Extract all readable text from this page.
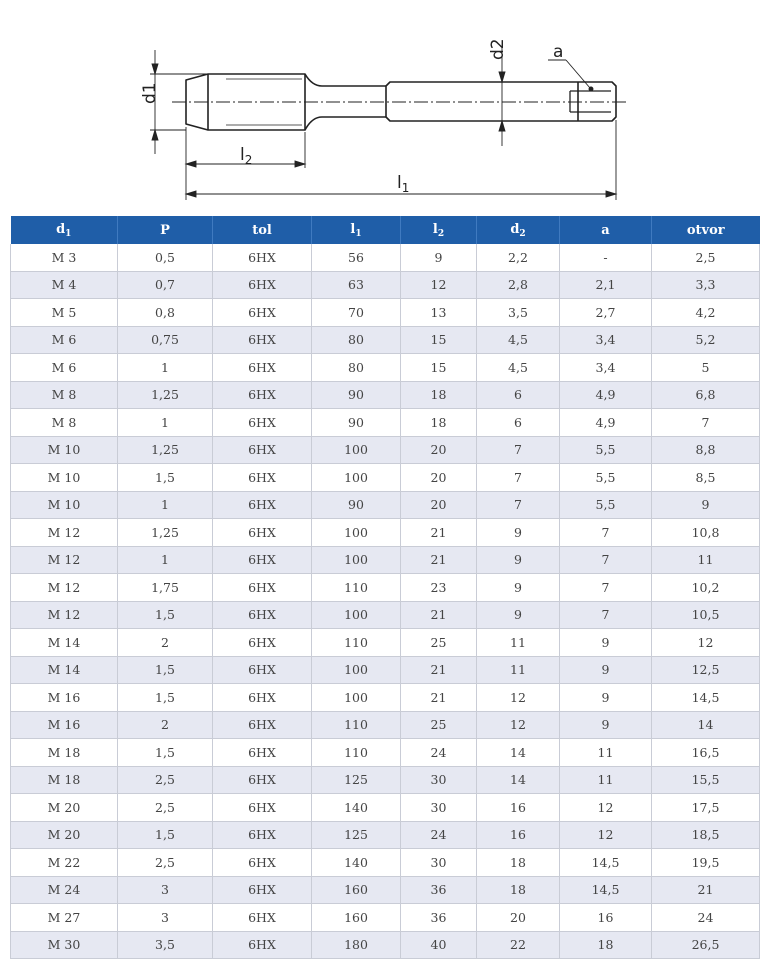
d1
d2	a
$l_2$
$l_1$
$d_1$	P	tol	$l_1$	$l_2$	$d_2$	a	otvor
M 3	0,5	6HX	56	9	2,2	-	2,5
M 4	0,7	6HX	63	12	2,8	2,1	3,3
M 5	0,8	6HX	70	13	3,5	2,7	4,2
M 6	0,75	6HX	80	15	4,5	3,4	5,2
M 6	1	6HX	80	15	4,5	3,4	5
M 8	1,25	6HX	90	18	6	4,9	6,8
M 8	1	6HX	90	18	6	4,9	7
M 10	1,25	6HX	100	20	7	5,5	8,8
M 10	1,5	6HX	100	20	7	5,5	8,5
M 10	1	6HX	90	20	7	5,5	9
M 12	1,25	6HX	100	21	9	7	10,8
M 12	1	6HX	100	21	9	7	11
M 12	1,75	6HX	110	23	9	7	10,2
M 12	1,5	6HX	100	21	9	7	10,5
M 14	2	6HX	110	25	11	9	12
M 14	1,5	6HX	100	21	11	9	12,5
M 16	1,5	6HX	100	21	12	9	14,5
M 16	2	6HX	110	25	12	9	14
M 18	1,5	6HX	110	24	14	11	16,5
M 18	2,5	6HX	125	30	14	11	15,5
M 20	2,5	6HX	140	30	16	12	17,5
M 20	1,5	6HX	125	24	16	12	18,5
M 22	2,5	6HX	140	30	18	14,5	19,5
M 24	3	6HX	160	36	18	14,5	21
M 27	3	6HX	160	36	20	16	24
M 30	3,5	6HX	180	40	22	18	26,5
